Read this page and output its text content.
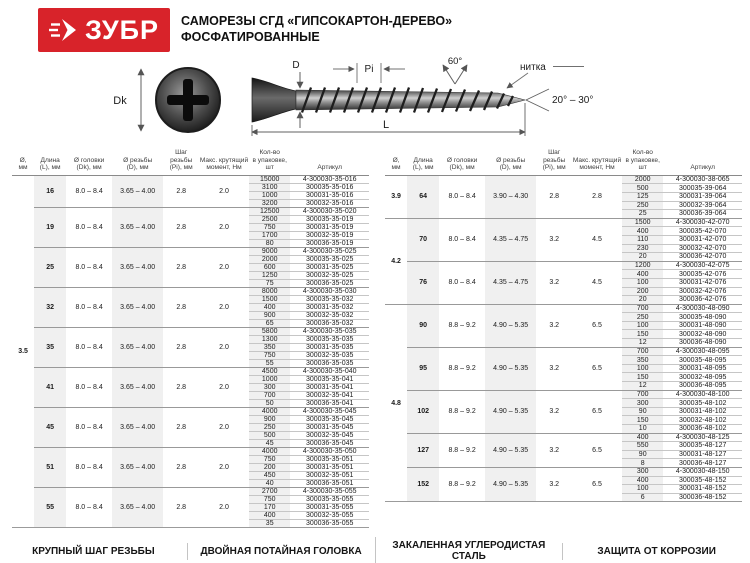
ЗУБР САМОРЕЗЫ СГД «ГИПСОКАРТОН-ДЕРЕВО»
ФОСФАТИРОВАННЫЕ
Dk
D	Pi
60°
нитка
20° – 30°
L
Ø,
мм

Длина
(L), мм

Ø головки
(Dk), мм

Ø резьбы
(D), мм

Шаг резьбы
(Pi), мм

Макс. крутящий
момент, Нм

Кол-во
в упаковке, шт	Артикул

3.5	16	8.0 – 8.4	3.65 – 4.00	2.8	2.0	15000	4-300030-35-016
						3100	300035-35-016
						1000	300031-35-016
						3200	300032-35-016
	19	8.0 – 8.4	3.65 – 4.00	2.8	2.0	12500	4-300030-35-020
						2500	300035-35-019
						750	300031-35-019
						1700	300032-35-019
						80	300036-35-019
	25	8.0 – 8.4	3.65 – 4.00	2.8	2.0	9000	4-300030-35-025
						2000	300035-35-025
						600	300031-35-025
						1250	300032-35-025
						75	300036-35-025
	32	8.0 – 8.4	3.65 – 4.00	2.8	2.0	8000	4-300030-35-030
						1500	300035-35-032
						400	300031-35-032
						900	300032-35-032
						65	300036-35-032
	35	8.0 – 8.4	3.65 – 4.00	2.8	2.0	5800	4-300030-35-035
						1300	300035-35-035
						350	300031-35-035
						750	300032-35-035
						55	300036-35-035
	41	8.0 – 8.4	3.65 – 4.00	2.8	2.0	4500	4-300030-35-040
						1000	300035-35-041
						300	300031-35-041
						700	300032-35-041
						50	300036-35-041
	45	8.0 – 8.4	3.65 – 4.00	2.8	2.0	4000	4-300030-35-045
						900	300035-35-045
						250	300031-35-045
						500	300032-35-045
						45	300036-35-045
	51	8.0 – 8.4	3.65 – 4.00	2.8	2.0	4000	4-300030-35-050
						750	300035-35-051
						200	300031-35-051
						450	300032-35-051
						40	300036-35-051
	55	8.0 – 8.4	3.65 – 4.00	2.8	2.0	2700	4-300030-35-055
						750	300035-35-055
						170	300031-35-055
						400	300032-35-055
						35	300036-35-055
Ø,
мм

Длина
(L), мм

Ø головки
(Dk), мм

Ø резьбы
(D), мм

Шаг резьбы
(Pi), мм

Макс. крутящий
момент, Нм

Кол-во
в упаковке, шт	Артикул

3.9	64	8.0 – 8.4	3.90 – 4.30	2.8	2.8	2000	4-300030-38-065
						500	300035-39-064
						125	300031-39-064
						250	300032-39-064
						25	300036-39-064
4.2	70	8.0 – 8.4	4.35 – 4.75	3.2	4.5	1500	4-300030-42-070
						400	300035-42-070
						110	300031-42-070
						230	300032-42-070
						20	300036-42-070
	76	8.0 – 8.4	4.35 – 4.75	3.2	4.5	1200	4-300030-42-075
						400	300035-42-076
						100	300031-42-076
						200	300032-42-076
						20	300036-42-076
4.8	90	8.8 – 9.2	4.90 – 5.35	3.2	6.5	700	4-300030-48-090
						250	300035-48-090
						100	300031-48-090
						150	300032-48-090
						12	300036-48-090
	95	8.8 – 9.2	4.90 – 5.35	3.2	6.5	700	4-300030-48-095
						350	300035-48-095
						100	300031-48-095
						150	300032-48-095
						12	300036-48-095
	102	8.8 – 9.2	4.90 – 5.35	3.2	6.5	700	4-300030-48-100
						300	300035-48-102
						90	300031-48-102
						150	300032-48-102
						10	300036-48-102
	127	8.8 – 9.2	4.90 – 5.35	3.2	6.5	400	4-300030-48-125
						550	300035-48-127
						90	300031-48-127
						8	300036-48-127
	152	8.8 – 9.2	4.90 – 5.35	3.2	6.5	300	4-300030-48-150
						400	300035-48-152
						100	300031-48-152
						6	300036-48-152
КРУПНЫЙ ШАГ РЕЗЬБЫ	ДВОЙНАЯ ПОТАЙНАЯ ГОЛОВКА	ЗАКАЛЕННАЯ УГЛЕРОДИСТАЯ СТАЛЬ	ЗАЩИТА ОТ КОРРОЗИИ
